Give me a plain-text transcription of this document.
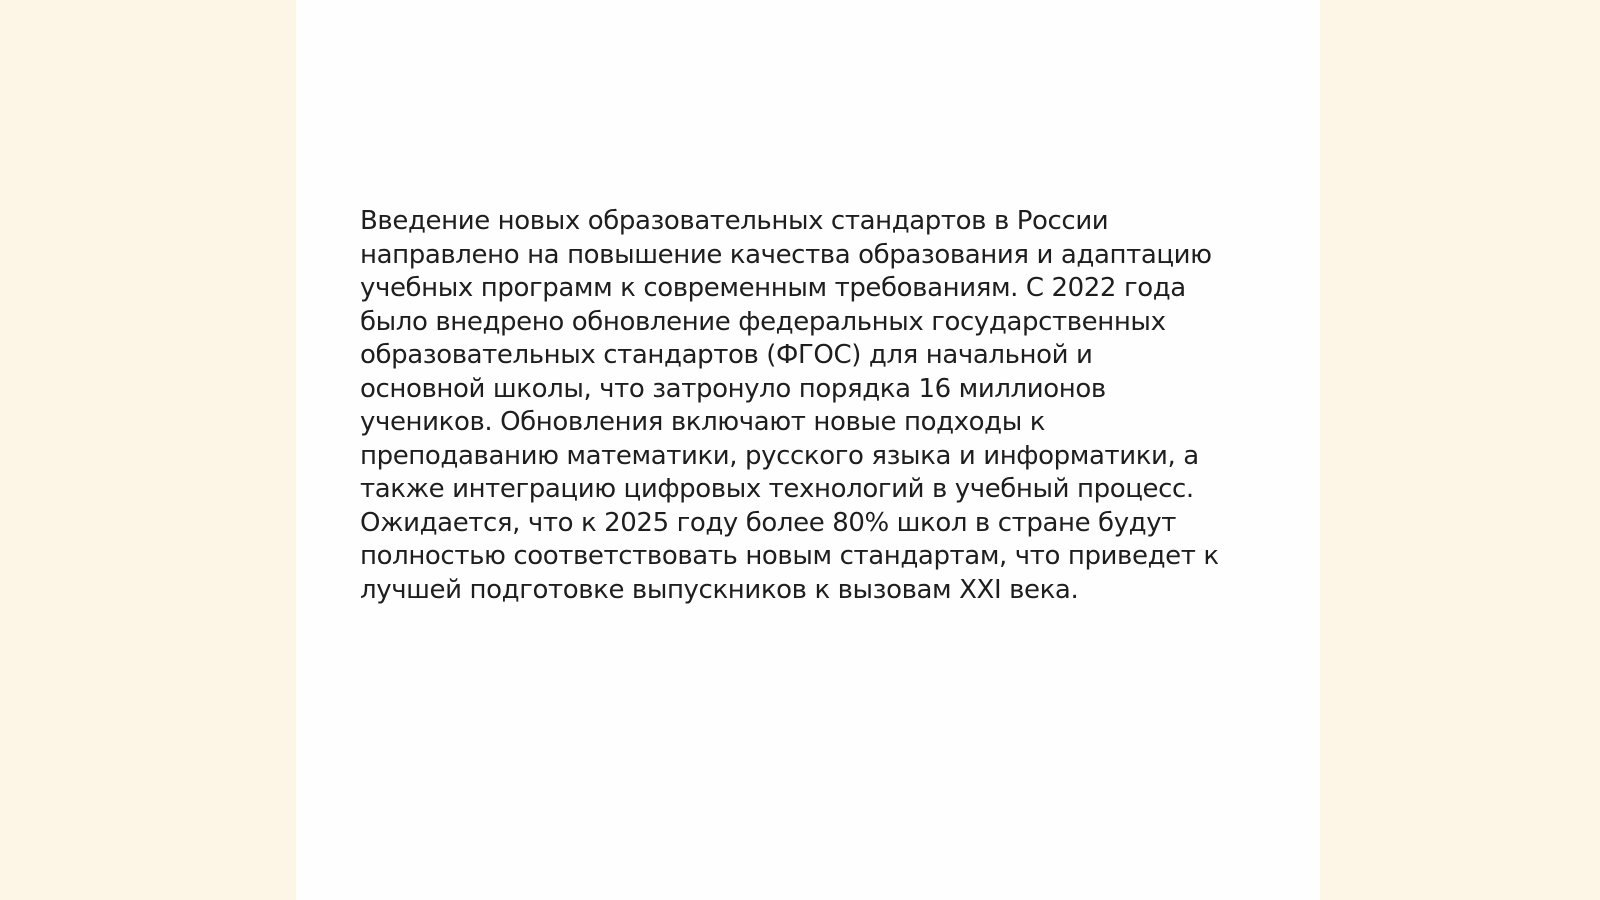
Введение новых образовательных стандартов в России
направлено на повышение качества образования и адаптацию
учебных программ к современным требованиям. С 2022 года
было внедрено обновление федеральных государственных
образовательных стандартов (ФГОС) для начальной и
основной школы, что затронуло порядка 16 миллионов
учеников. Обновления включают новые подходы к
преподаванию математики, русского языка и информатики, а
также интеграцию цифровых технологий в учебный процесс.
Ожидается, что к 2025 году более 80% школ в стране будут
полностью соответствовать новым стандартам, что приведет к
лучшей подготовке выпускников к вызовам XXI века.
